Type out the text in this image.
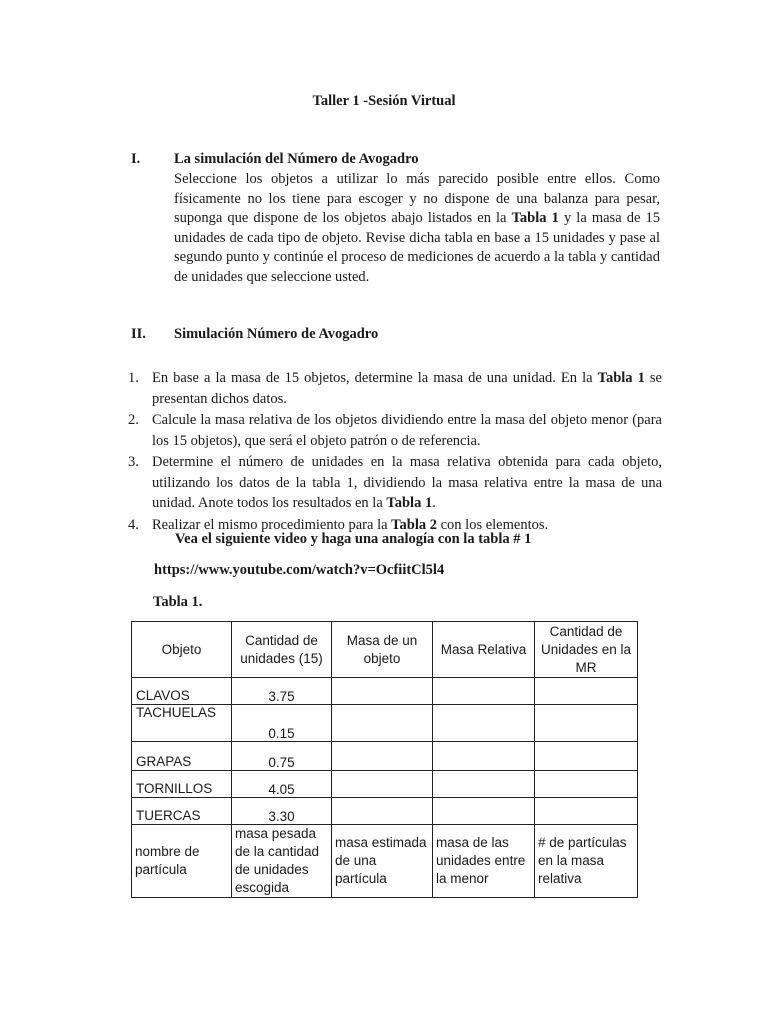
Taller 1 -Sesión Virtual
I. La simulación del Número de Avogadro
Seleccione los objetos a utilizar lo más parecido posible entre ellos. Como físicamente no los tiene para escoger y no dispone de una balanza para pesar, suponga que dispone de los objetos abajo listados en la Tabla 1 y la masa de 15 unidades de cada tipo de objeto. Revise dicha tabla en base a 15 unidades y pase al segundo punto y continúe el proceso de mediciones de acuerdo a la tabla y cantidad de unidades que seleccione usted.
II. Simulación Número de Avogadro
1. En base a la masa de 15 objetos, determine la masa de una unidad. En la Tabla 1 se presentan dichos datos.
2. Calcule la masa relativa de los objetos dividiendo entre la masa del objeto menor (para los 15 objetos), que será el objeto patrón o de referencia.
3. Determine el número de unidades en la masa relativa obtenida para cada objeto, utilizando los datos de la tabla 1, dividiendo la masa relativa entre la masa de una unidad. Anote todos los resultados en la Tabla 1.
4. Realizar el mismo procedimiento para la Tabla 2 con los elementos.
Vea el siguiente video y haga una analogía con la tabla # 1
https://www.youtube.com/watch?v=OcfiitCl5l4
Tabla 1.
Objeto	Cantidad de unidades (15)	Masa de un objeto	Masa Relativa	Cantidad de Unidades en la MR
CLAVOS	3.75			
TACHUELAS	0.15			
GRAPAS	0.75			
TORNILLOS	4.05			
TUERCAS	3.30			
nombre de partícula	masa pesada de la cantidad de unidades escogida	masa estimada de una partícula	masa de las unidades entre la menor	# de partículas en la masa relativa
